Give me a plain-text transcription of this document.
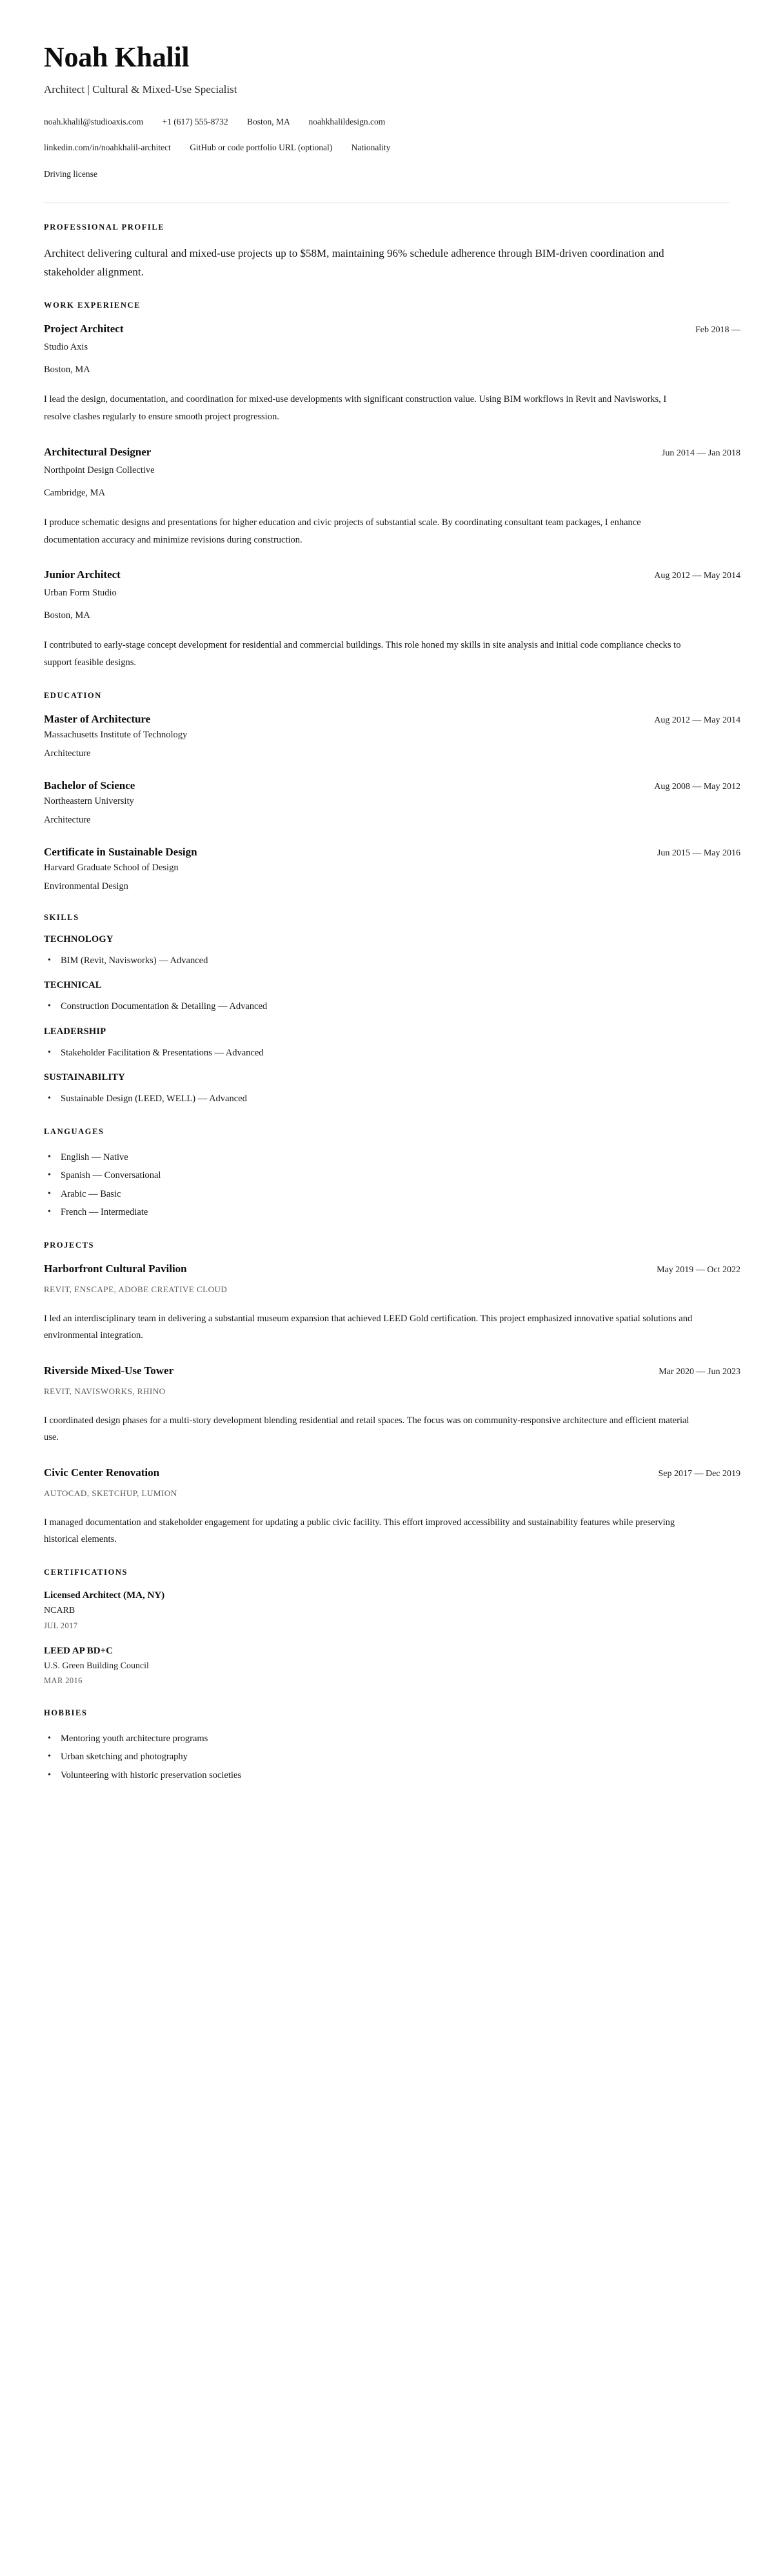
Noah Khalil
Architect | Cultural & Mixed-Use Specialist
noah.khalil@studioaxis.com +1 (617) 555-8732 Boston, MA noahkhalildesign.com
linkedin.com/in/noahkhalil-architect GitHub or code portfolio URL (optional) Nationality
Driving license
PROFESSIONAL PROFILE

Architect delivering cultural and mixed-use projects up to $58M, maintaining 96% schedule adherence through BIM-driven coordination and stakeholder alignment.

WORK EXPERIENCE
Project Architect	Feb 2018 —
Studio Axis
Boston, MA

I lead the design, documentation, and coordination for mixed-use developments with significant construction value. Using BIM workflows in Revit and Navisworks, I resolve clashes regularly to ensure smooth project progression.

Architectural Designer	Jun 2014 — Jan 2018
Northpoint Design Collective
Cambridge, MA

I produce schematic designs and presentations for higher education and civic projects of substantial scale. By coordinating consultant team packages, I enhance documentation accuracy and minimize revisions during construction.

Junior Architect	Aug 2012 — May 2014
Urban Form Studio
Boston, MA

I contributed to early-stage concept development for residential and commercial buildings. This role honed my skills in site analysis and initial code compliance checks to support feasible designs.

EDUCATION
Master of Architecture	Aug 2012 — May 2014
Massachusetts Institute of Technology
Architecture
Bachelor of Science	Aug 2008 — May 2012
Northeastern University
Architecture
Certificate in Sustainable Design	Jun 2015 — May 2016
Harvard Graduate School of Design
Environmental Design
SKILLS
TECHNOLOGY
• BIM (Revit, Navisworks) — Advanced
TECHNICAL
• Construction Documentation & Detailing — Advanced
LEADERSHIP
• Stakeholder Facilitation & Presentations — Advanced
SUSTAINABILITY
• Sustainable Design (LEED, WELL) — Advanced
LANGUAGES
• English — Native
• Spanish — Conversational
• Arabic — Basic
• French — Intermediate
PROJECTS
Harborfront Cultural Pavilion	May 2019 — Oct 2022
REVIT, ENSCAPE, ADOBE CREATIVE CLOUD

I led an interdisciplinary team in delivering a substantial museum expansion that achieved LEED Gold certification. This project emphasized innovative spatial solutions and environmental integration.

Riverside Mixed-Use Tower	Mar 2020 — Jun 2023
REVIT, NAVISWORKS, RHINO

I coordinated design phases for a multi-story development blending residential and retail spaces. The focus was on community-responsive architecture and efficient material use.

Civic Center Renovation	Sep 2017 — Dec 2019
AUTOCAD, SKETCHUP, LUMION

I managed documentation and stakeholder engagement for updating a public civic facility. This effort improved accessibility and sustainability features while preserving historical elements.

CERTIFICATIONS
Licensed Architect (MA, NY)
NCARB
JUL 2017
LEED AP BD+C
U.S. Green Building Council
MAR 2016
HOBBIES
• Mentoring youth architecture programs
• Urban sketching and photography
• Volunteering with historic preservation societies
